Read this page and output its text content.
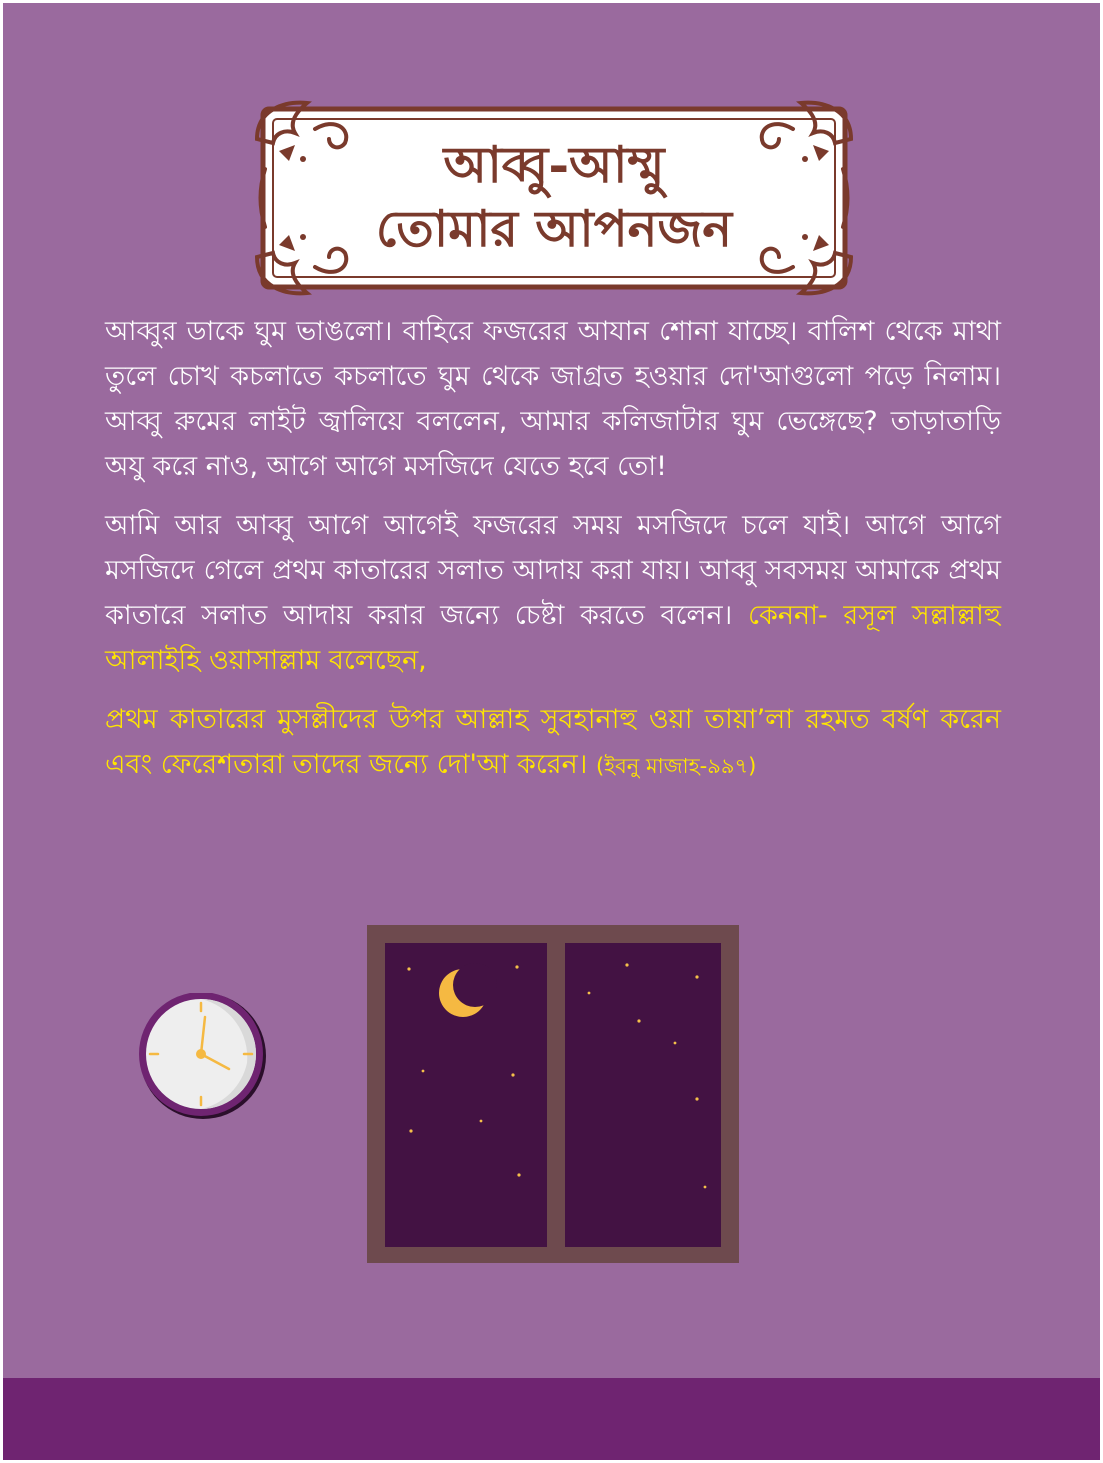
আব্বু-আম্মু
তোমার আপনজন

আব্বুর ডাকে ঘুম ভাঙলো। বাহিরে ফজরের আযান শোনা যাচ্ছে। বালিশ থেকে মাথা তুলে চোখ কচলাতে কচলাতে ঘুম থেকে জাগ্রত হওয়ার দো'আগুলো পড়ে নিলাম। আব্বু রুমের লাইট জ্বালিয়ে বললেন, আমার কলিজাটার ঘুম ভেঙ্গেছে? তাড়াতাড়ি অযু করে নাও, আগে আগে মসজিদে যেতে হবে তো!

আমি আর আব্বু আগে আগেই ফজরের সময় মসজিদে চলে যাই। আগে আগে মসজিদে গেলে প্রথম কাতারের সলাত আদায় করা যায়। আব্বু সবসময় আমাকে প্রথম কাতারে সলাত আদায় করার জন্যে চেষ্টা করতে বলেন। কেননা- রসূল সল্লাল্লাহু আলাইহি ওয়াসাল্লাম বলেছেন,

প্রথম কাতারের মুসল্লীদের উপর আল্লাহ সুবহানাহু ওয়া তায়া’লা রহমত বর্ষণ করেন এবং ফেরেশতারা তাদের জন্যে দো'আ করেন। (ইবনু মাজাহ-৯৯৭)
